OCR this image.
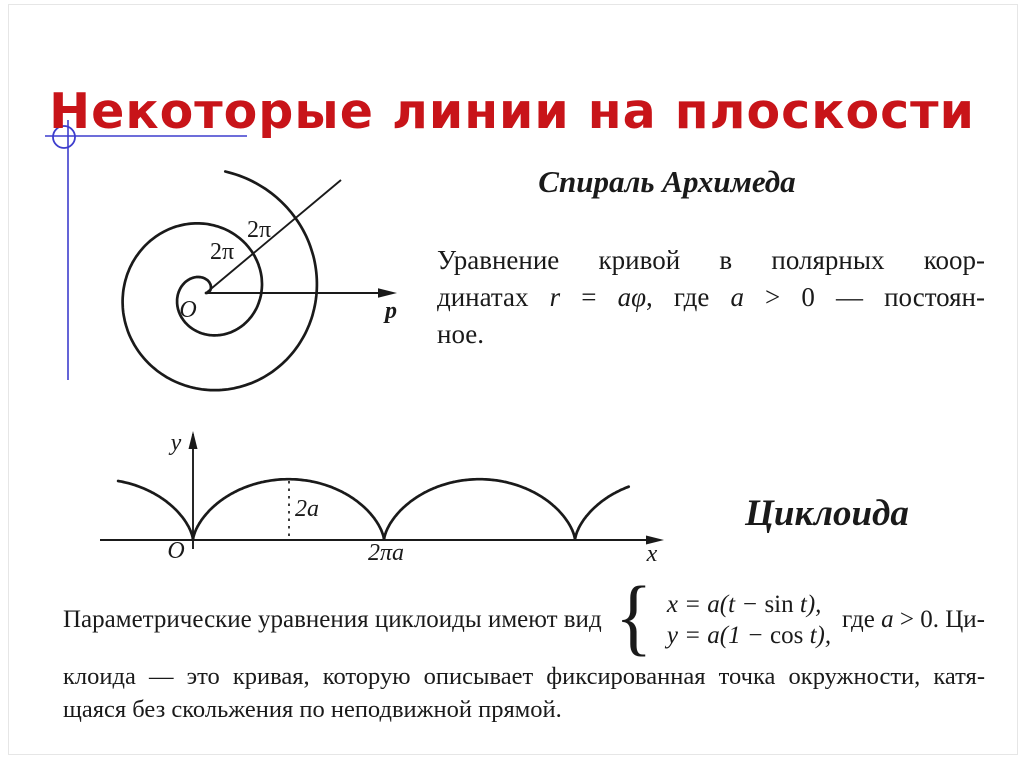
Некоторые линии на плоскости
2π
2π
O	p
Спираль Архимеда
Уравнение кривой в полярных коор-
динатах r = aφ, где a > 0 — постоян-
ное.
y
x
O
2a
2πa
Циклоида
Параметрические уравнения циклоиды имеют вид { x = a(t − sin t),
y = a(1 − cos t),
где a > 0. Ци-
клоида — это кривая, которую описывает фиксированная точка окружности, катя-
щаяся без скольжения по неподвижной прямой.
